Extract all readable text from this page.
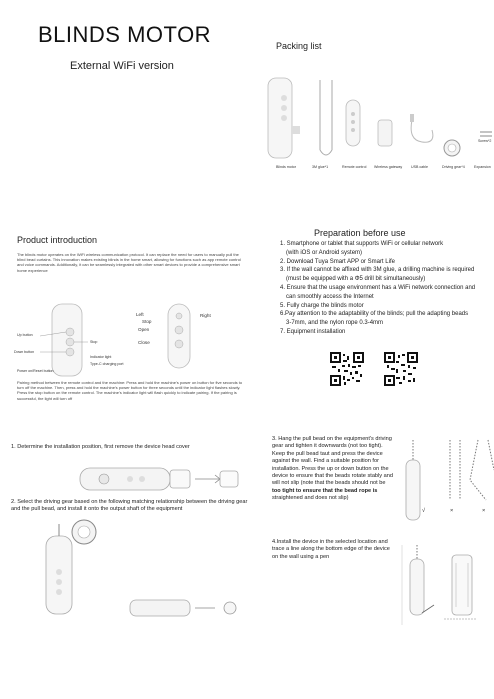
BLINDS MOTOR
External WiFi version
Packing list
Blinds motor	3M glue*1	Remote control Wireless gateway USB cable	Driving gear*4	Expansion
Screw*2
Product introduction
The blinds motor operates on the WiFi wireless communication protocol. It can replace the need for users to manually pull the blind bead curtains. This innovation makes existing blinds in the home smart, allowing for functions such as app remote control and voice commands. Additionally, it can be seamlessly integrated with other smart devices to provide a comprehensive smart home experience
Up button
Down button
Stop
Indicator light
Type-C charging port
Power on/Reset button
Left	Right
Stop
Open
Close
Pairing method between the remote control and the machine: Press and hold the machine's power on button for five seconds to turn off the machine. Then, press and hold the machine's power button for three seconds until the indicator light flashes slowly. Press the stop button on the remote control. The machine's indicator light will flash quickly to indicate pairing. If the pairing is successful, the light will turn off
Preparation before use
1. Smartphone or tablet that supports WiFi or cellular network
(with iOS or Android system)
2. Download Tuya Smart APP or Smart Life
3. If the wall cannot be affixed with 3M glue, a drilling machine is required
(must be equipped with a Φ5 drill bit simultaneously)
4. Ensure that the usage environment has a WiFi network connection and
can smoothly access the Internet
5. Fully charge the blinds motor
6.Pay attention to the adaptability of the blinds; pull the adapting beads
3-7mm, and the nylon rope 0.3-4mm
7. Equipment installation
1. Determine the installation position, first remove the device head cover
2. Select the driving gear based on the following matching relationship between the driving gear and the pull bead, and install it onto the output shaft of the equipment
3. Hang the pull bead on the equipment's driving
gear and tighten it downwards (not too tight).
Keep the pull bead taut and press the device
against the wall. Find a suitable position for
installation. Press the up or down button on the
device to ensure that the beads rotate stably and
will not slip (note that the beads should not be
too tight to ensure that the bead rope is
straightened and does not slip)
√	×	×
4.Install the device in the selected location and
trace a line along the bottom edge of the device
on the wall using a pen
